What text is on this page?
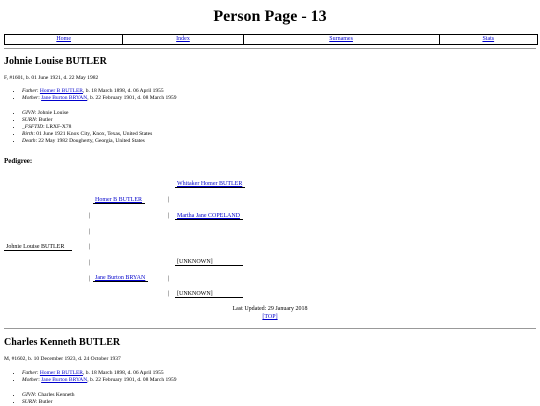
Person Page - 13
Home	Index	Surnames	Stats
Johnie Louise BUTLER
F, #1601, b. 01 June 1921, d. 22 May 1982
• Father: Homer B BUTLER, b. 18 March 1898, d. 06 April 1955
• Mother: Jane Burton BRYAN, b. 22 February 1901, d. 08 March 1959
• GIVN: Johnie Louise
• SURN: Butler
• _FSFTID: LRXF-X78
• Birth: 01 June 1921 Knox City, Knox, Texas, United States
• Death: 22 May 1982 Dougherty, Georgia, United States
Pedigree:
Whitaker Homer BUTLER
Homer B BUTLER	|
|	|	Martha Jane COPELAND
|
Johnie Louise BUTLER	|
|	[UNKNOWN]
| Jane Burton BRYAN	|
|	[UNKNOWN]
Last Updated: 29 January 2018
[TOP]
Charles Kenneth BUTLER
M, #1602, b. 10 December 1923, d. 24 October 1937
• Father: Homer B BUTLER, b. 18 March 1898, d. 06 April 1955
• Mother: Jane Burton BRYAN, b. 22 February 1901, d. 08 March 1959
• GIVN: Charles Kenneth
• SURN: Butler
